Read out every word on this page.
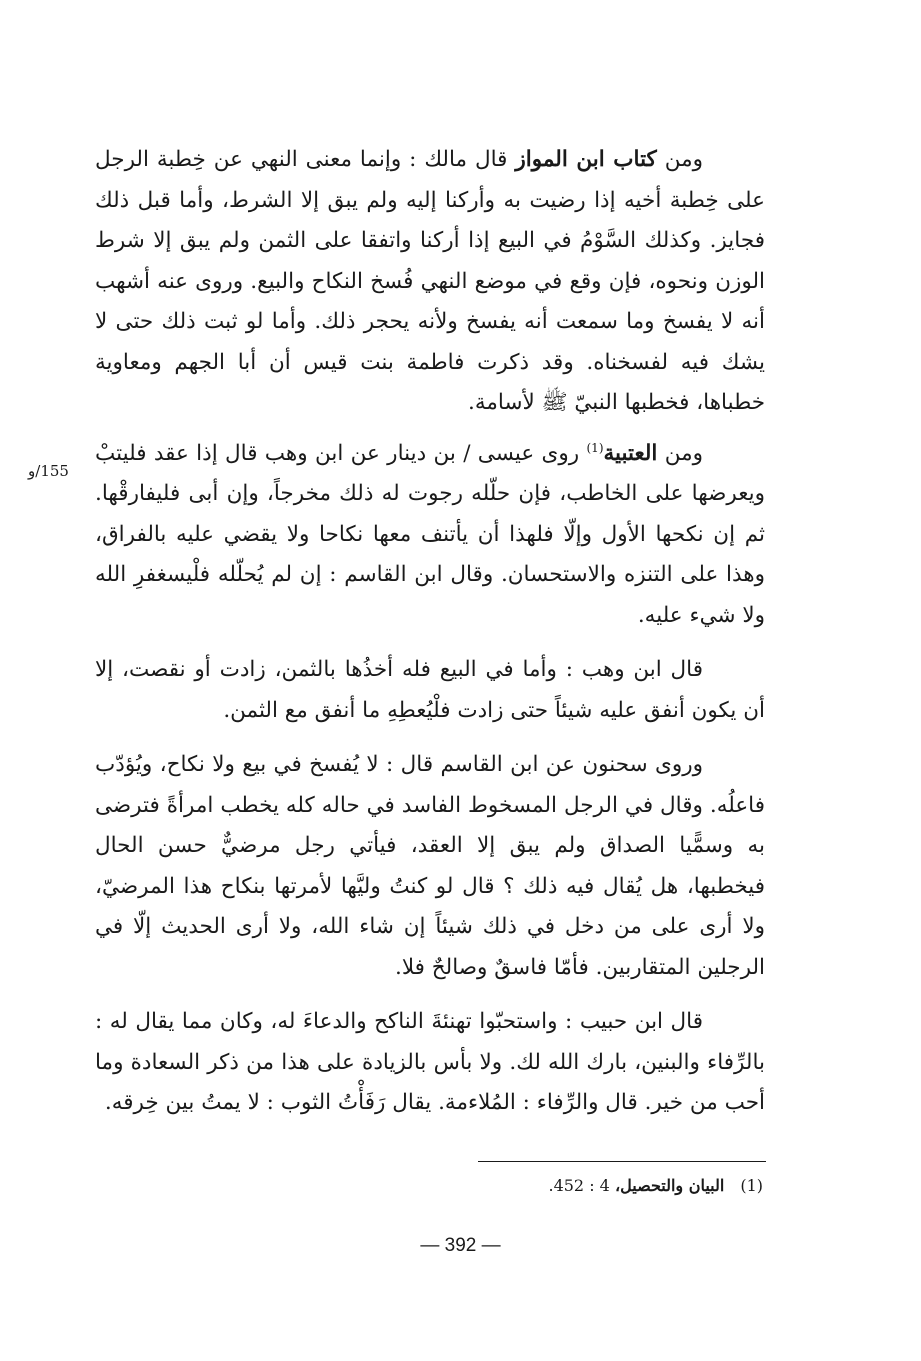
155/و

ومن كتاب ابن المواز قال مالك : وإنما معنى النهي عن خِطبة الرجل على خِطبة أخيه إذا رضيت به وأركنا إليه ولم يبق إلا الشرط، وأما قبل ذلك فجايز. وكذلك السَّوْمُ في البيع إذا أركنا واتفقا على الثمن ولم يبق إلا شرط الوزن ونحوه، فإن وقع في موضع النهي فُسخ النكاح والبيع. وروى عنه أشهب أنه لا يفسخ وما سمعت أنه يفسخ ولأنه يحجر ذلك. وأما لو ثبت ذلك حتى لا يشك فيه لفسخناه. وقد ذكرت فاطمة بنت قيس أن أبا الجهم ومعاوية خطباها، فخطبها النبيّ ﷺ لأسامة.

ومن العتبية$^{(1)}$ روى عيسى / بن دينار عن ابن وهب قال إذا عقد فليتبْ ويعرضها على الخاطب، فإن حلّله رجوت له ذلك مخرجاً، وإن أبى فليفارقْها. ثم إن نكحها الأول وإلّا فلهذا أن يأتنف معها نكاحا ولا يقضي عليه بالفراق، وهذا على التنزه والاستحسان. وقال ابن القاسم : إن لم يُحلّله فلْيسغفرِ الله ولا شيء عليه.

قال ابن وهب : وأما في البيع فله أخذُها بالثمن، زادت أو نقصت، إلا أن يكون أنفق عليه شيئاً حتى زادت فلْيُعطِهِ ما أنفق مع الثمن.

وروى سحنون عن ابن القاسم قال : لا يُفسخ في بيع ولا نكاح، ويُؤدّب فاعلُه. وقال في الرجل المسخوط الفاسد في حاله كله يخطب امرأةً فترضى به وسمًّيا الصداق ولم يبق إلا العقد، فيأتي رجل مرضيٌّ حسن الحال فيخطبها، هل يُقال فيه ذلك ؟ قال لو كنتُ وليَّها لأمرتها بنكاح هذا المرضيّ، ولا أرى على من دخل في ذلك شيئاً إن شاء الله، ولا أرى الحديث إلّا في الرجلين المتقاربين. فأمّا فاسقٌ وصالحٌ فلا.

قال ابن حبيب : واستحبّوا تهنئةَ الناكح والدعاءَ له، وكان مما يقال له : بالرِّفاء والبنين، بارك الله لك. ولا بأس بالزيادة على هذا من ذكر السعادة وما أحب من خير. قال والرِّفاء : المُلاءمة. يقال رَفَأْتُ الثوب : لا يمتُ بين خِرقه.

(1)البيان والتحصيل، 4 : 452.
— 392 —
